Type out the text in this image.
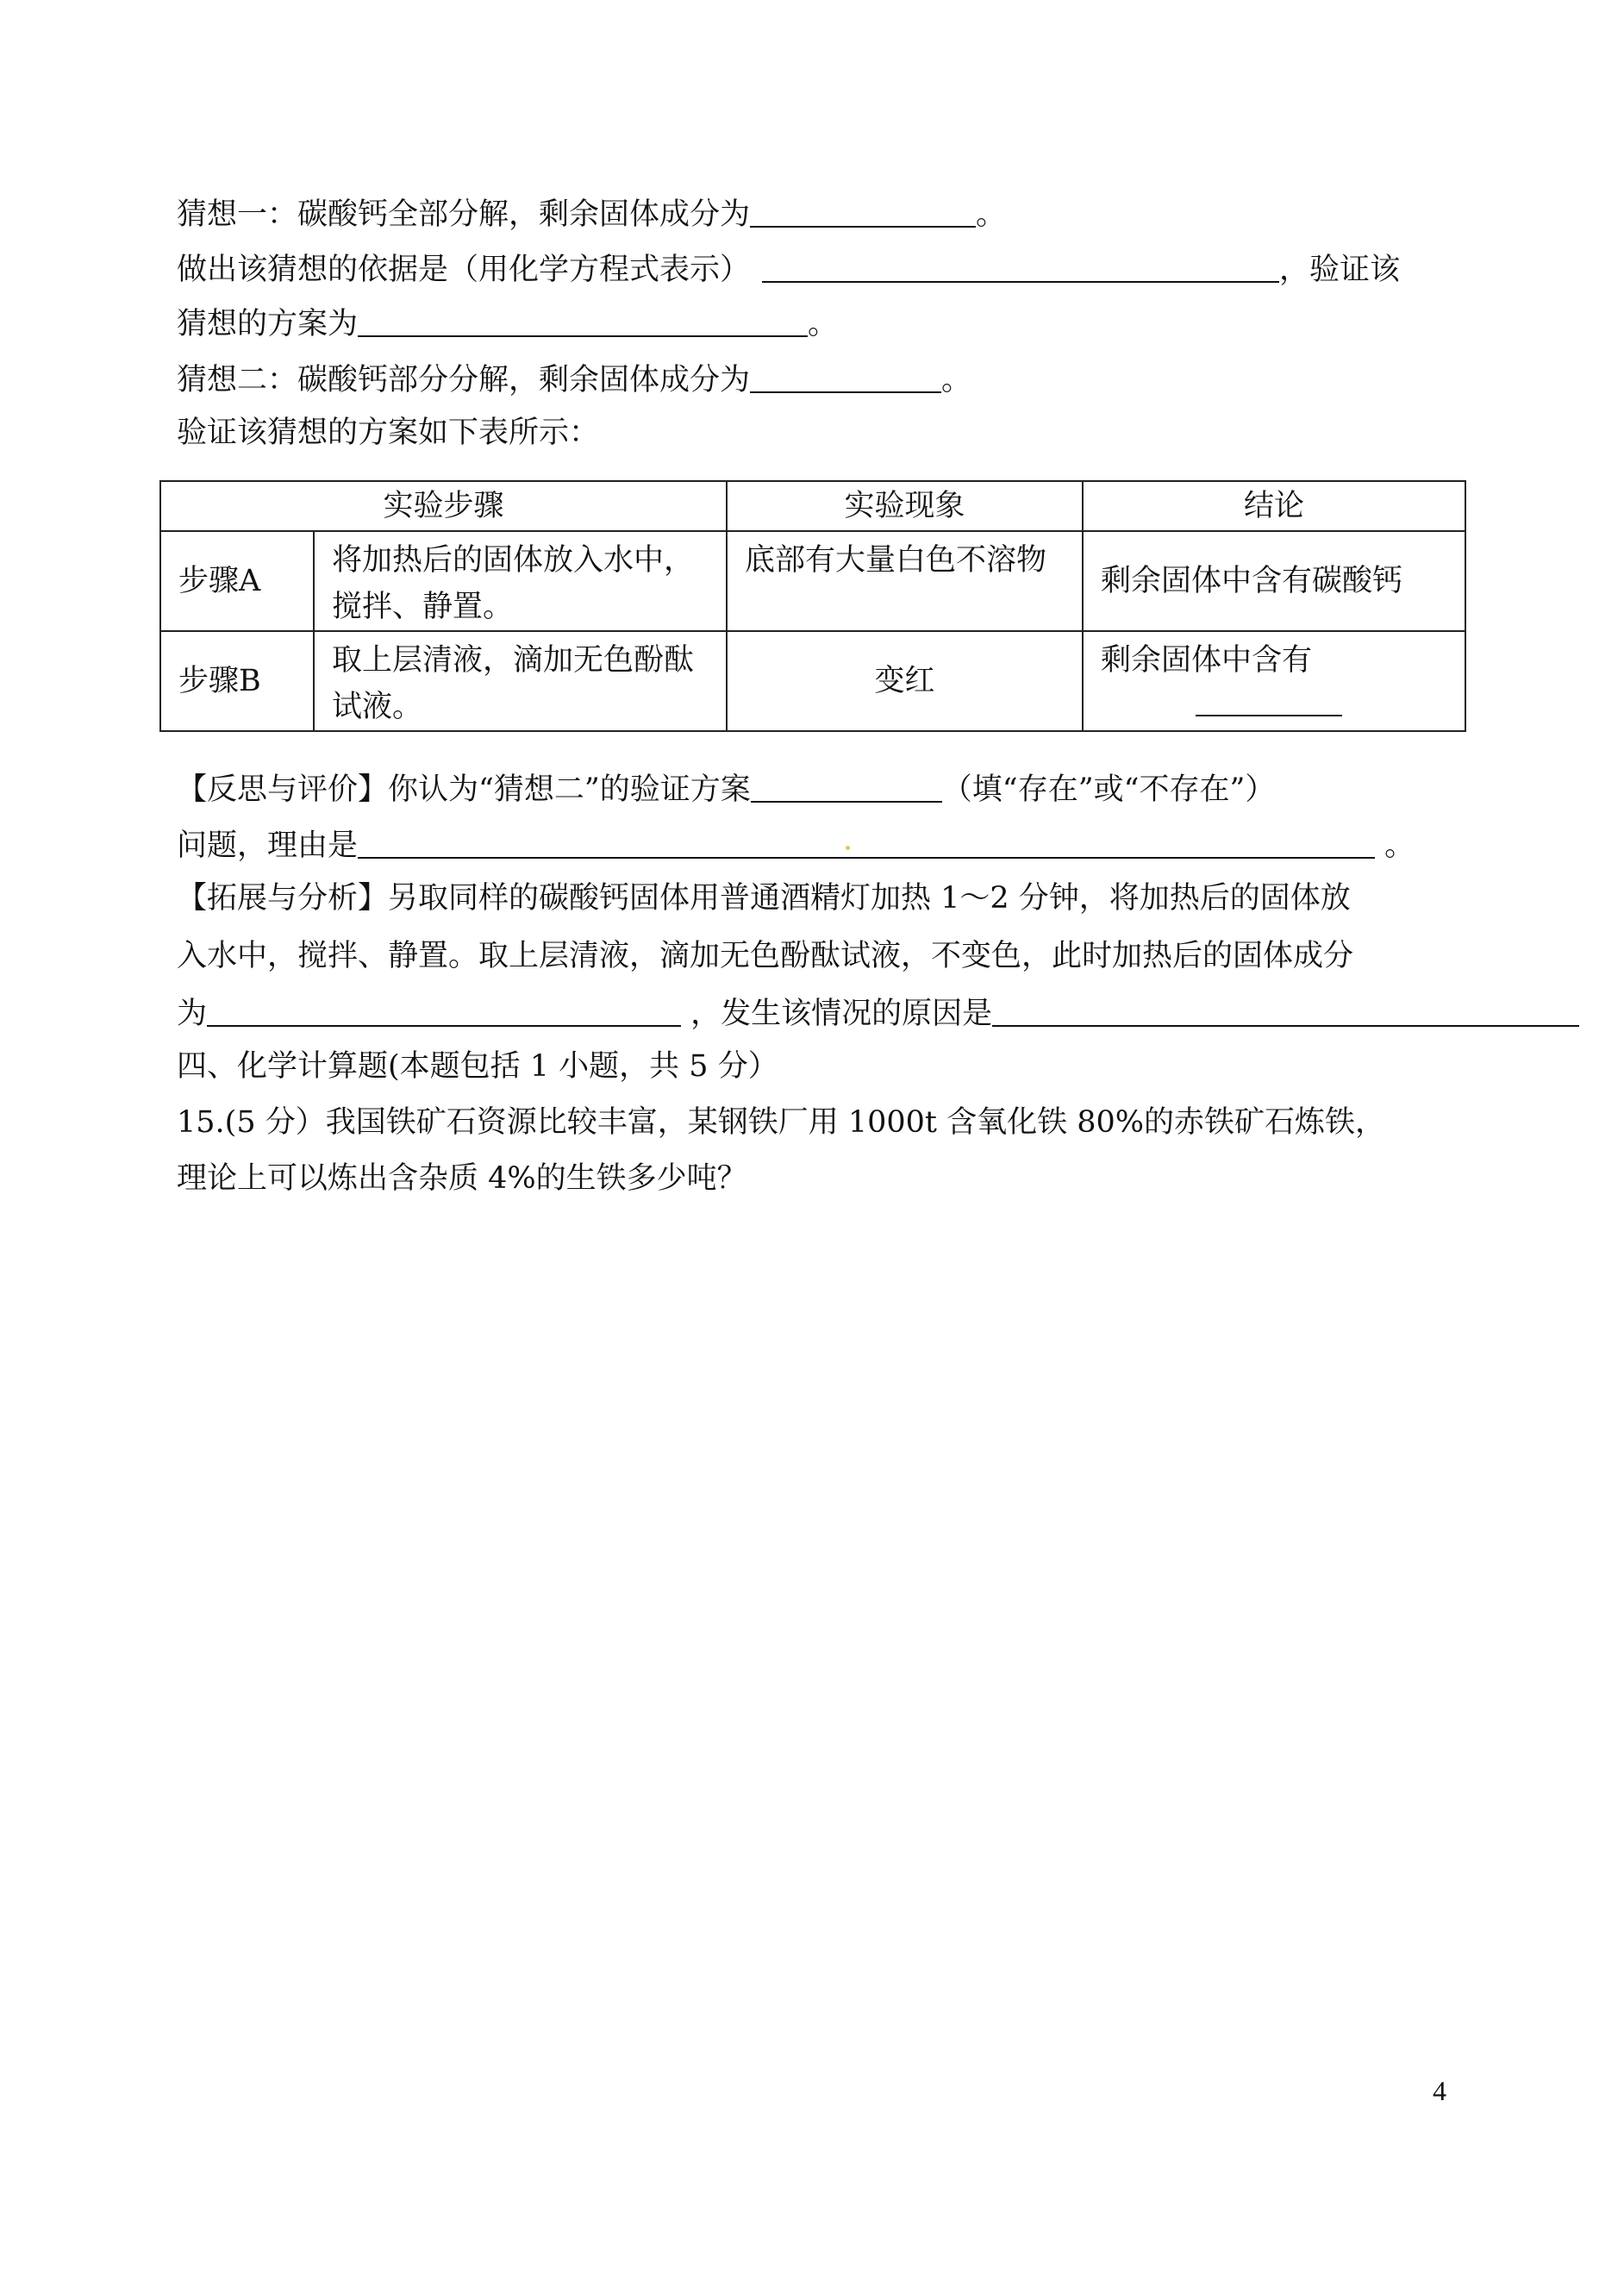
猜想一：碳酸钙全部分解，剩余固体成分为	。
做出该猜想的依据是（用化学方程式表示）	，验证该
猜想的方案为	。
猜想二：碳酸钙部分分解，剩余固体成分为	。
验证该猜想的方案如下表所示：
实验步骤		实验现象	结论
步骤A	将加热后的固体放入水中，搅拌、静置。	底部有大量白色不溶物	剩余固体中含有碳酸钙
步骤B	取上层清液，滴加无色酚酞试液。	变红	剩余固体中含有
【反思与评价】你认为“猜想二”的验证方案	（填“存在”或“不存在”）
问题，理由是	。
【拓展与分析】另取同样的碳酸钙固体用普通酒精灯加热 1～2 分钟，将加热后的固体放
入水中，搅拌、静置。取上层清液，滴加无色酚酞试液，不变色，此时加热后的固体成分
为	，发生该情况的原因是
四、化学计算题(本题包括 1 小题，共 5 分）
15.(5 分）我国铁矿石资源比较丰富，某钢铁厂用 1000t 含氧化铁 80%的赤铁矿石炼铁，
理论上可以炼出含杂质 4%的生铁多少吨？
4
